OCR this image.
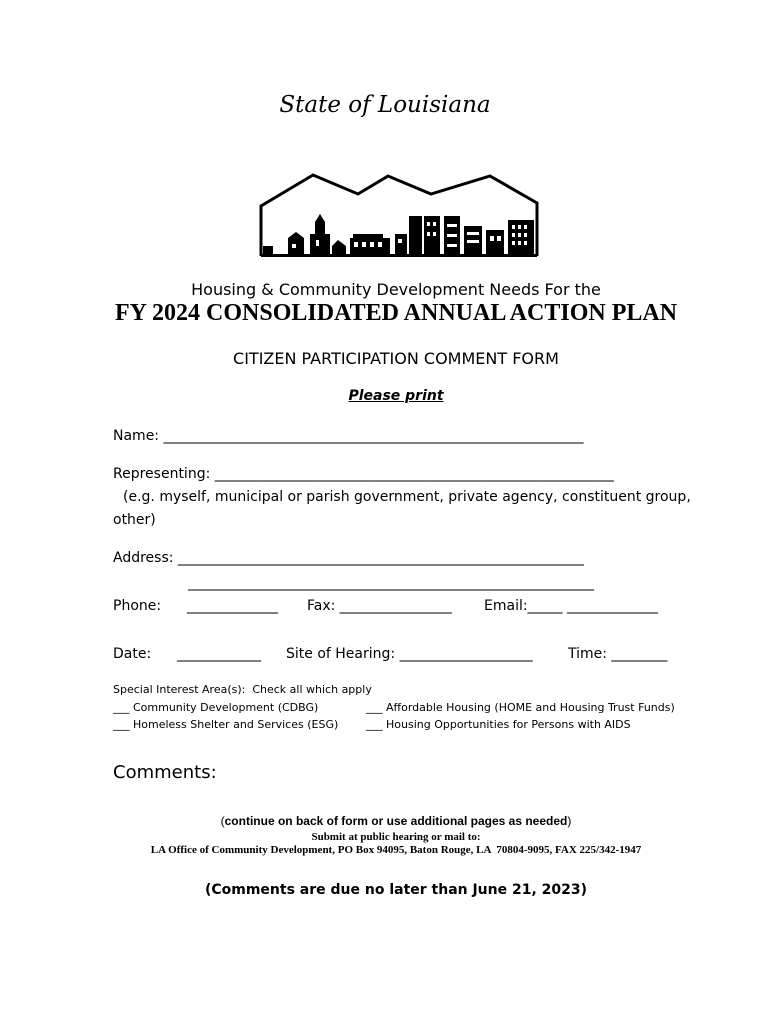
State of Louisiana
Housing & Community Development Needs For the
FY 2024 CONSOLIDATED ANNUAL ACTION PLAN
CITIZEN PARTICIPATION COMMENT FORM
Please print
Name: ____________________________________________________________
Representing: _________________________________________________________
(e.g. myself, municipal or parish government, private agency, constituent group,
other)
Address: __________________________________________________________
__________________________________________________________
Phone: _____________ Fax: ________________ Email:_____ _____________
Date: ____________ Site of Hearing: ___________________	Time: ________
Special Interest Area(s):  Check all which apply
___ Community Development (CDBG)	___ Affordable Housing (HOME and Housing Trust Funds)
___ Homeless Shelter and Services (ESG)	___ Housing Opportunities for Persons with AIDS
Comments:
(continue on back of form or use additional pages as needed)
Submit at public hearing or mail to:
LA Office of Community Development, PO Box 94095, Baton Rouge, LA  70804-9095, FAX 225/342-1947
(Comments are due no later than June 21, 2023)
